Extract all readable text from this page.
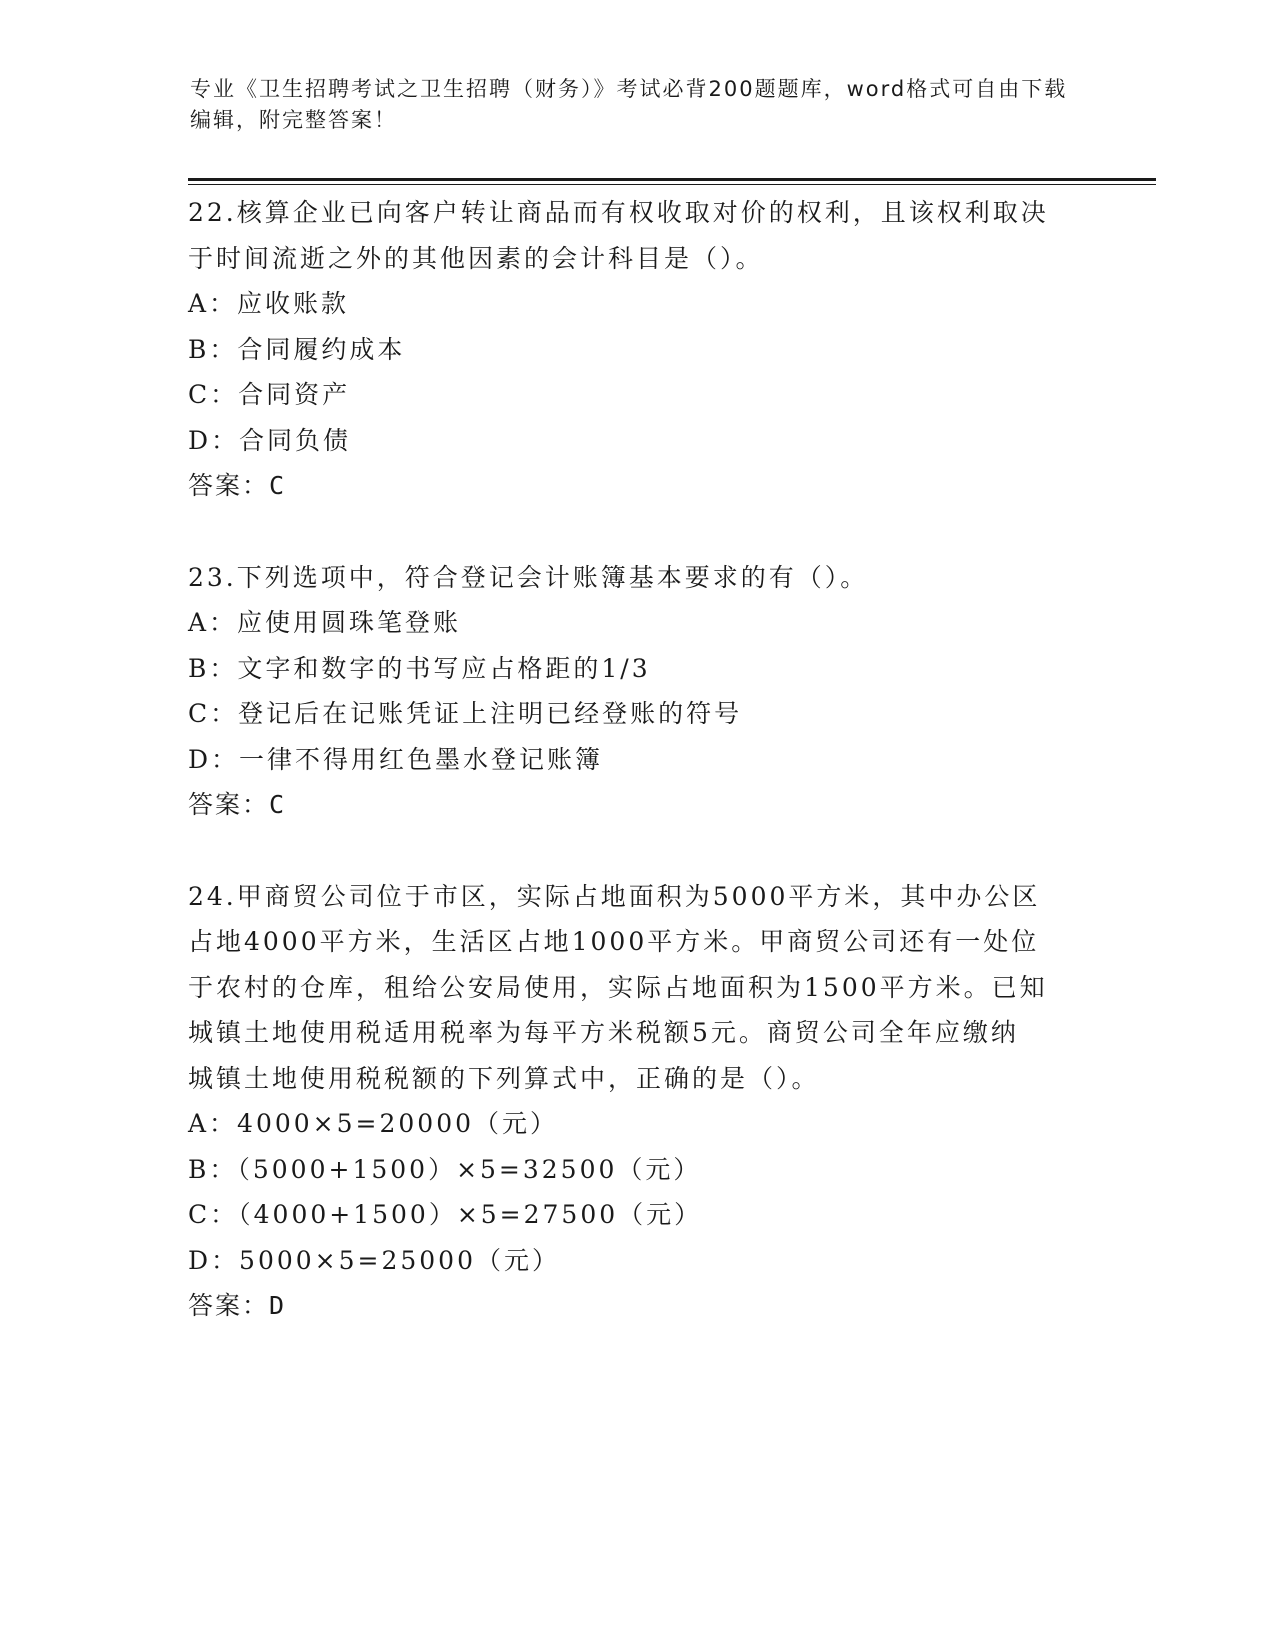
专业《卫生招聘考试之卫生招聘（财务）》考试必背200题题库，word格式可自由下载编辑，附完整答案！

22.核算企业已向客户转让商品而有权收取对价的权利，且该权利取决

于时间流逝之外的其他因素的会计科目是（）。

A：应收账款

B：合同履约成本

C：合同资产

D：合同负债

答案：C

23.下列选项中，符合登记会计账簿基本要求的有（）。

A：应使用圆珠笔登账

B：文字和数字的书写应占格距的1/3

C：登记后在记账凭证上注明已经登账的符号

D：一律不得用红色墨水登记账簿

答案：C

24.甲商贸公司位于市区，实际占地面积为5000平方米，其中办公区

占地4000平方米，生活区占地1000平方米。甲商贸公司还有一处位

于农村的仓库，租给公安局使用，实际占地面积为1500平方米。已知

城镇土地使用税适用税率为每平方米税额5元。商贸公司全年应缴纳

城镇土地使用税税额的下列算式中，正确的是（）。

A：4000×5=20000（元）

B：（5000+1500）×5=32500（元）

C：（4000+1500）×5=27500（元）

D：5000×5=25000（元）

答案：D
